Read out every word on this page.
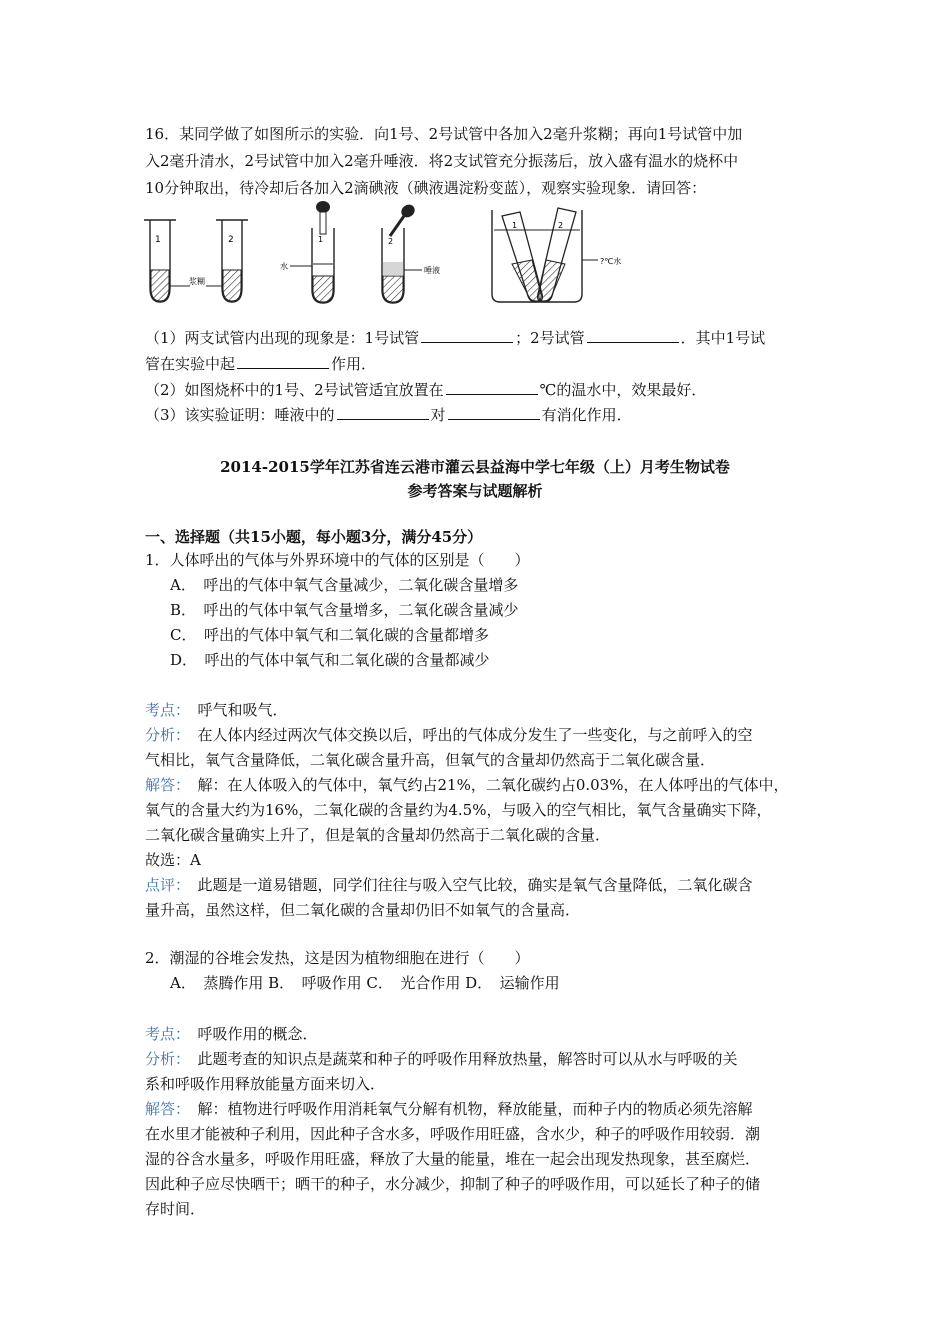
16．某同学做了如图所示的实验．向1号、2号试管中各加入2毫升浆糊；再向1号试管中加
入2毫升清水，2号试管中加入2毫升唾液．将2支试管充分振荡后，放入盛有温水的烧杯中
10分钟取出，待冷却后各加入2滴碘液（碘液遇淀粉变蓝），观察实验现象．请回答：
1	2
浆糊
1
水
2
唾液
1	2
?℃水
（1）两支试管内出现的现象是：1号试管	；2号试管	．其中1号试
管在实验中起	作用．
（2）如图烧杯中的1号、2号试管适宜放置在	℃的温水中，效果最好．
（3）该实验证明：唾液中的	对	有消化作用．
2014-2015学年江苏省连云港市灌云县益海中学七年级（上）月考生物试卷
参考答案与试题解析
一、选择题（共15小题，每小题3分，满分45分）
1．人体呼出的气体与外界环境中的气体的区别是（　　）
A．　呼出的气体中氧气含量减少，二氧化碳含量增多
B．　呼出的气体中氧气含量增多，二氧化碳含量减少
C．　呼出的气体中氧气和二氧化碳的含量都增多
D．　呼出的气体中氧气和二氧化碳的含量都减少
考点：　呼气和吸气．
分析：　在人体内经过两次气体交换以后，呼出的气体成分发生了一些变化，与之前呼入的空
气相比，氧气含量降低，二氧化碳含量升高，但氧气的含量却仍然高于二氧化碳含量．
解答：　解：在人体吸入的气体中，氧气约占21%，二氧化碳约占0.03%，在人体呼出的气体中，
氧气的含量大约为16%，二氧化碳的含量约为4.5%，与吸入的空气相比，氧气含量确实下降，
二氧化碳含量确实上升了，但是氧的含量却仍然高于二氧化碳的含量．
故选：A
点评：　此题是一道易错题，同学们往往与吸入空气比较，确实是氧气含量降低，二氧化碳含
量升高，虽然这样，但二氧化碳的含量却仍旧不如氧气的含量高．
2．潮湿的谷堆会发热，这是因为植物细胞在进行（　　）
A．　蒸腾作用 B．　呼吸作用 C．　光合作用 D．　运输作用
考点：　呼吸作用的概念．
分析：　此题考查的知识点是蔬菜和种子的呼吸作用释放热量，解答时可以从水与呼吸的关
系和呼吸作用释放能量方面来切入．
解答：　解：植物进行呼吸作用消耗氧气分解有机物，释放能量，而种子内的物质必须先溶解
在水里才能被种子利用，因此种子含水多，呼吸作用旺盛，含水少，种子的呼吸作用较弱．潮
湿的谷含水量多，呼吸作用旺盛，释放了大量的能量，堆在一起会出现发热现象，甚至腐烂．
因此种子应尽快晒干；晒干的种子，水分减少，抑制了种子的呼吸作用，可以延长了种子的储
存时间．
